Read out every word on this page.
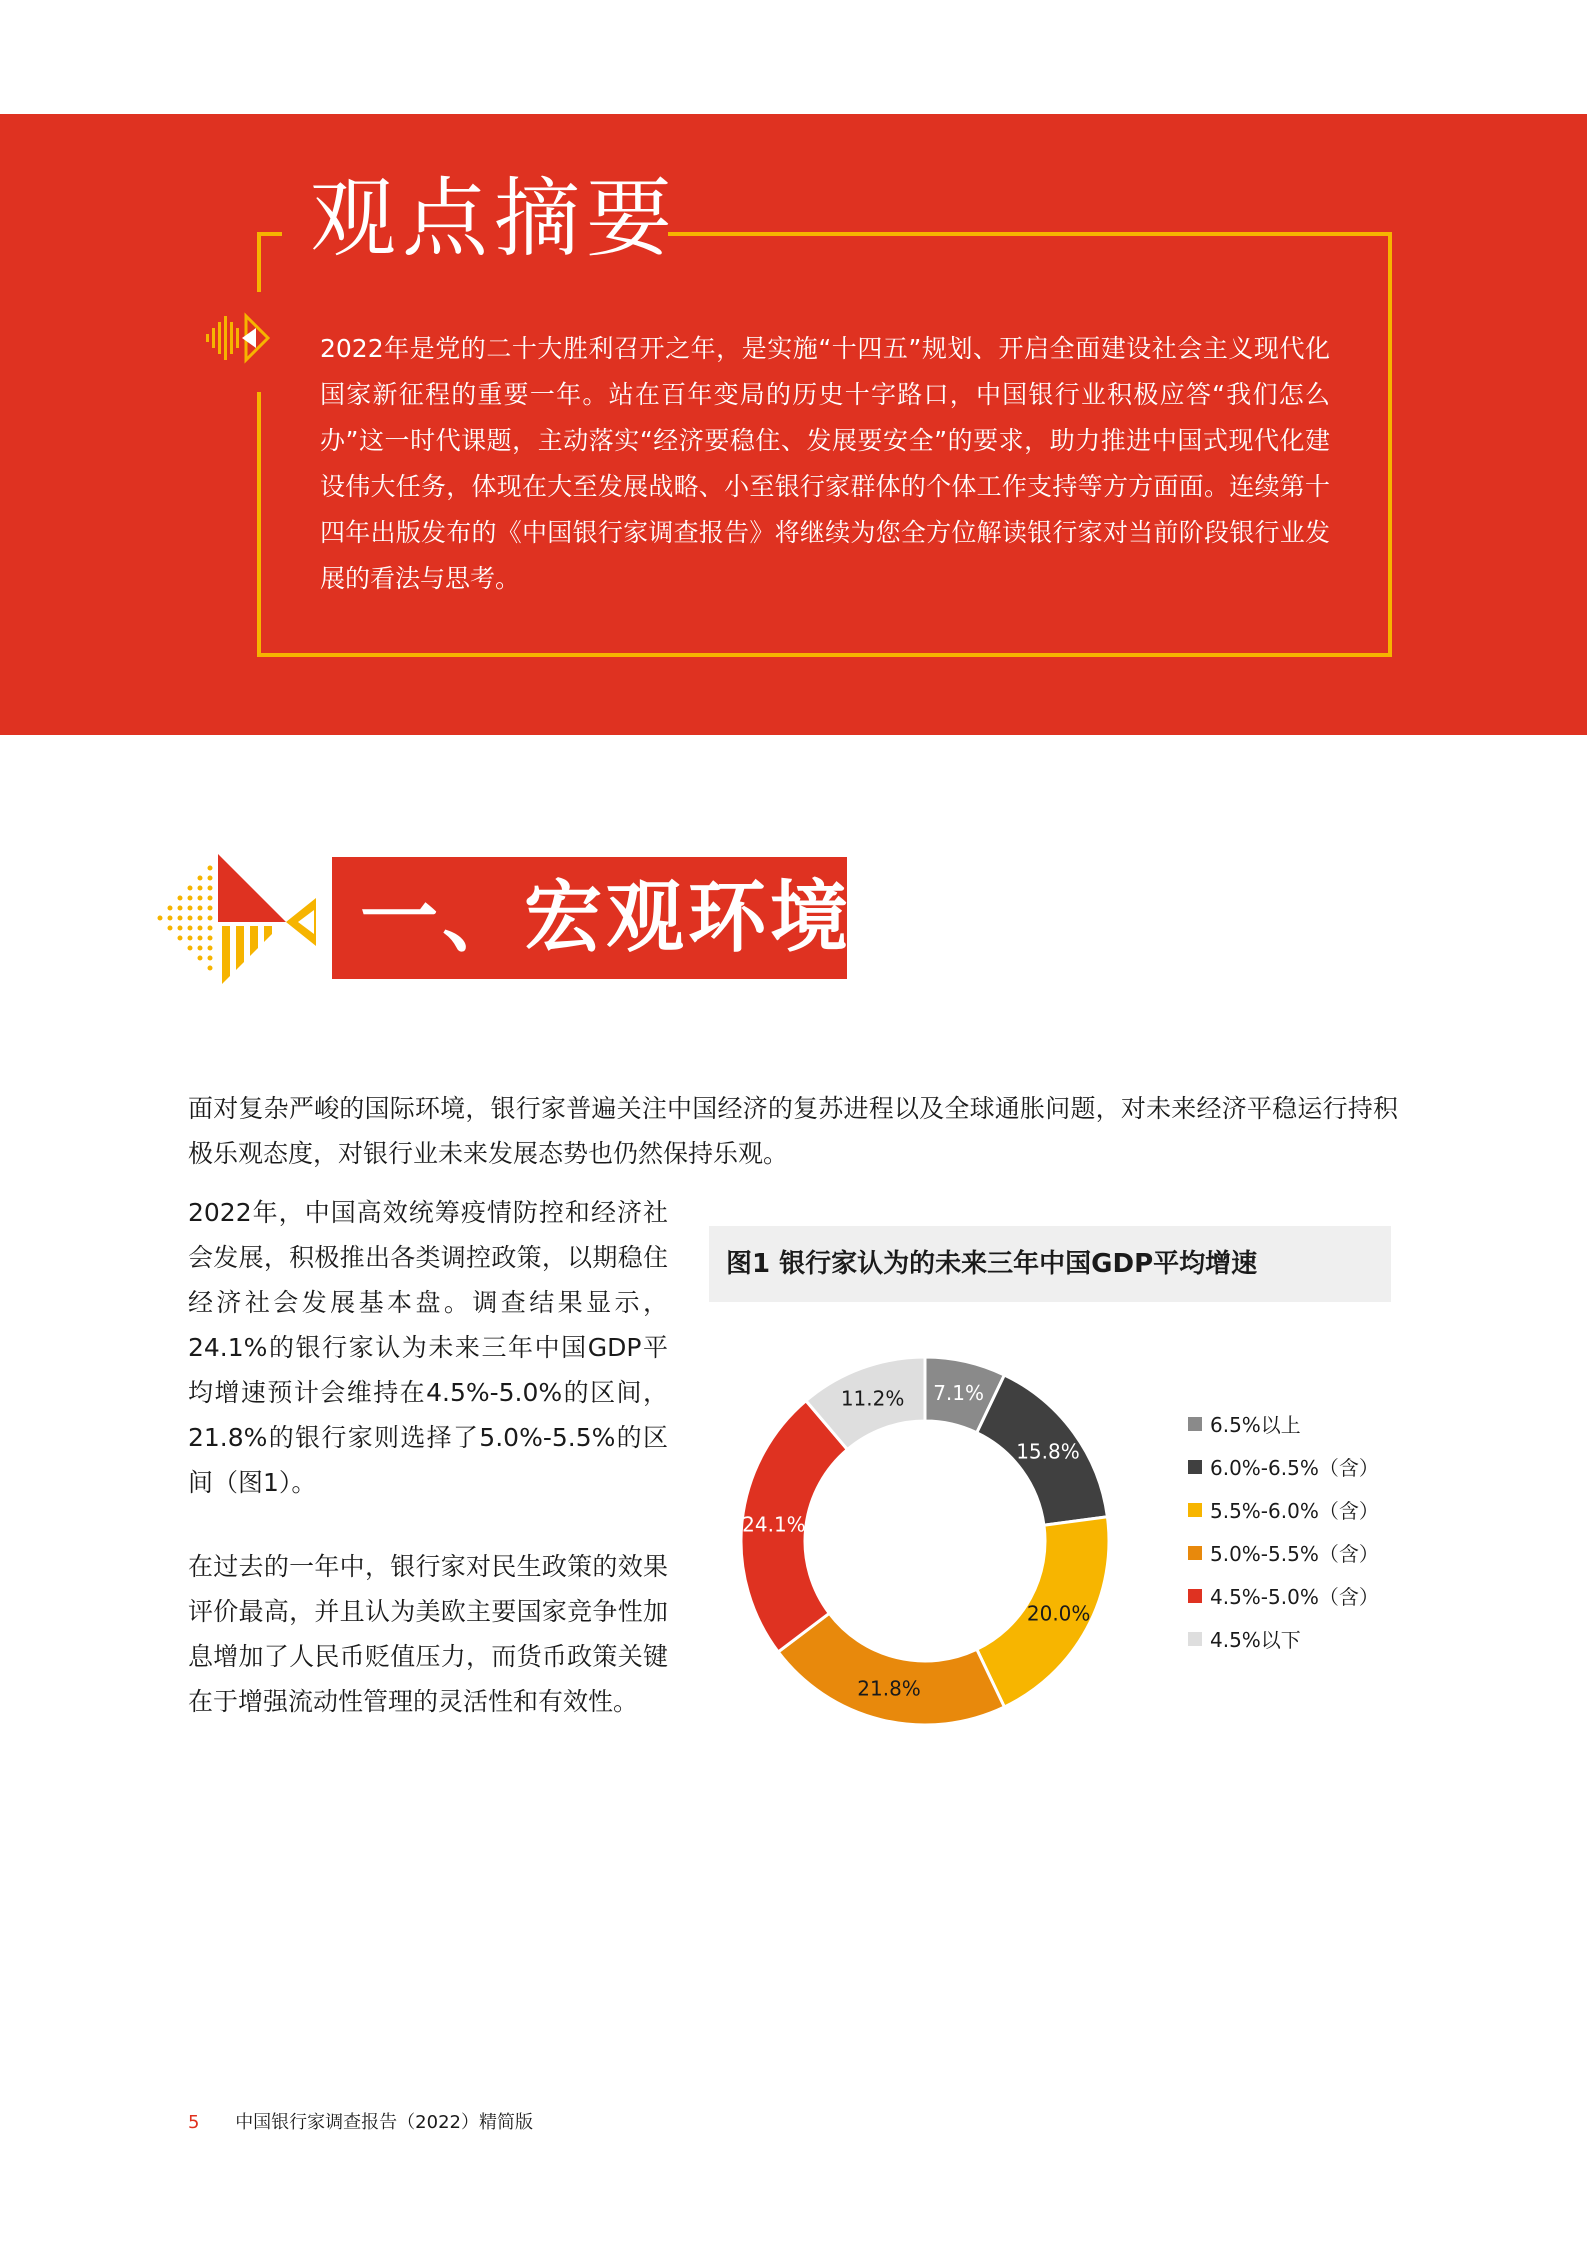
观点摘要

2022年是党的二十大胜利召开之年，是实施“十四五”规划、开启全面建设社会主义现代化国家新征程的重要一年。站在百年变局的历史十字路口，中国银行业积极应答“我们怎么办”这一时代课题，主动落实“经济要稳住、发展要安全”的要求，助力推进中国式现代化建设伟大任务，体现在大至发展战略、小至银行家群体的个体工作支持等方方面面。连续第十四年出版发布的《中国银行家调查报告》将继续为您全方位解读银行家对当前阶段银行业发展的看法与思考。

一、宏观环境

面对复杂严峻的国际环境，银行家普遍关注中国经济的复苏进程以及全球通胀问题，对未来经济平稳运行持积极乐观态度，对银行业未来发展态势也仍然保持乐观。

2022年，中国高效统筹疫情防控和经济社会发展，积极推出各类调控政策，以期稳住经济社会发展基本盘。调查结果显示，24.1%的银行家认为未来三年中国GDP平均增速预计会维持在4.5%-5.0%的区间，21.8%的银行家则选择了5.0%-5.5%的区间（图1）。

在过去的一年中，银行家对民生政策的效果评价最高，并且认为美欧主要国家竞争性加息增加了人民币贬值压力，而货币政策关键在于增强流动性管理的灵活性和有效性。

图1 银行家认为的未来三年中国GDP平均增速
7.1%
15.8%
20.0%
21.8%
24.1%
11.2%
6.5%以上
6.0%-6.5%（含）
5.5%-6.0%（含）
5.0%-5.5%（含）
4.5%-5.0%（含）
4.5%以下
5 中国银行家调查报告（2022）精简版
